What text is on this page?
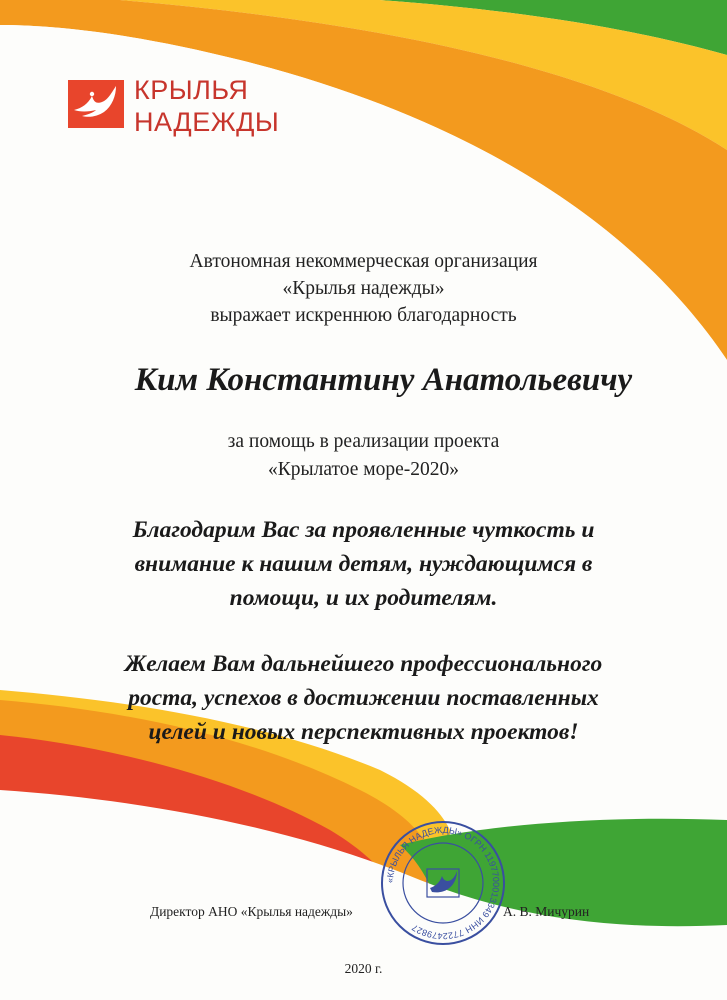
КРЫЛЬЯ
НАДЕЖДЫ
Автономная некоммерческая организация
«Крылья надежды»
выражает искреннюю благодарность
Ким Константину Анатольевичу
за помощь в реализации проекта
«Крылатое море-2020»
Благодарим Вас за проявленные чуткость и
внимание к нашим детям, нуждающимся в
помощи, и их родителям.
Желаем Вам дальнейшего профессионального
роста, успехов в достижении поставленных
целей и новых перспективных проектов!
«КРЫЛЬЯ НАДЕЖДЫ» ОГРН 1197700013349 ИНН 7722479827
Директор АНО «Крылья надежды»	А. В. Мичурин
2020 г.
